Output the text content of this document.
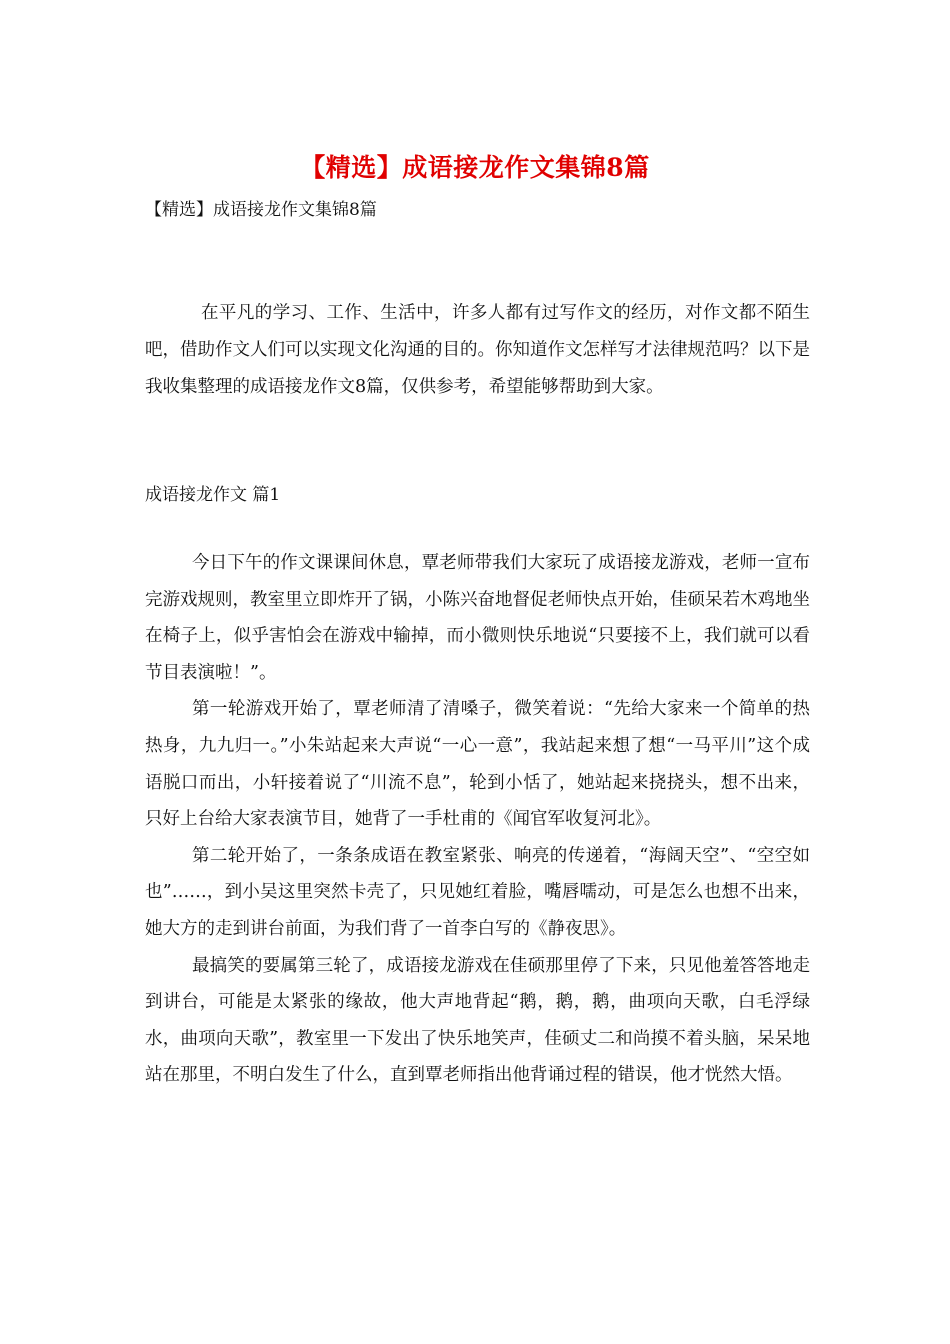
【精选】成语接龙作文集锦8篇
【精选】成语接龙作文集锦8篇

在平凡的学习、工作、生活中，许多人都有过写作文的经历，对作文都不陌生吧，借助作文人们可以实现文化沟通的目的。你知道作文怎样写才法律规范吗？以下是我收集整理的成语接龙作文8篇，仅供参考，希望能够帮助到大家。

成语接龙作文 篇1

今日下午的作文课课间休息，覃老师带我们大家玩了成语接龙游戏，老师一宣布完游戏规则，教室里立即炸开了锅，小陈兴奋地督促老师快点开始，佳硕呆若木鸡地坐在椅子上，似乎害怕会在游戏中输掉，而小微则快乐地说“只要接不上，我们就可以看节目表演啦！”。

第一轮游戏开始了，覃老师清了清嗓子，微笑着说：“先给大家来一个简单的热热身，九九归一。”小朱站起来大声说“一心一意”，我站起来想了想“一马平川”这个成语脱口而出，小轩接着说了“川流不息”，轮到小恬了，她站起来挠挠头，想不出来，只好上台给大家表演节目，她背了一手杜甫的《闻官军收复河北》。

第二轮开始了，一条条成语在教室紧张、响亮的传递着，“海阔天空”、“空空如也”……，到小吴这里突然卡壳了，只见她红着脸，嘴唇嚅动，可是怎么也想不出来，她大方的走到讲台前面，为我们背了一首李白写的《静夜思》。

最搞笑的要属第三轮了，成语接龙游戏在佳硕那里停了下来，只见他羞答答地走到讲台，可能是太紧张的缘故，他大声地背起“鹅，鹅，鹅，曲项向天歌，白毛浮绿水，曲项向天歌”，教室里一下发出了快乐地笑声，佳硕丈二和尚摸不着头脑，呆呆地站在那里，不明白发生了什么，直到覃老师指出他背诵过程的错误，他才恍然大悟。
